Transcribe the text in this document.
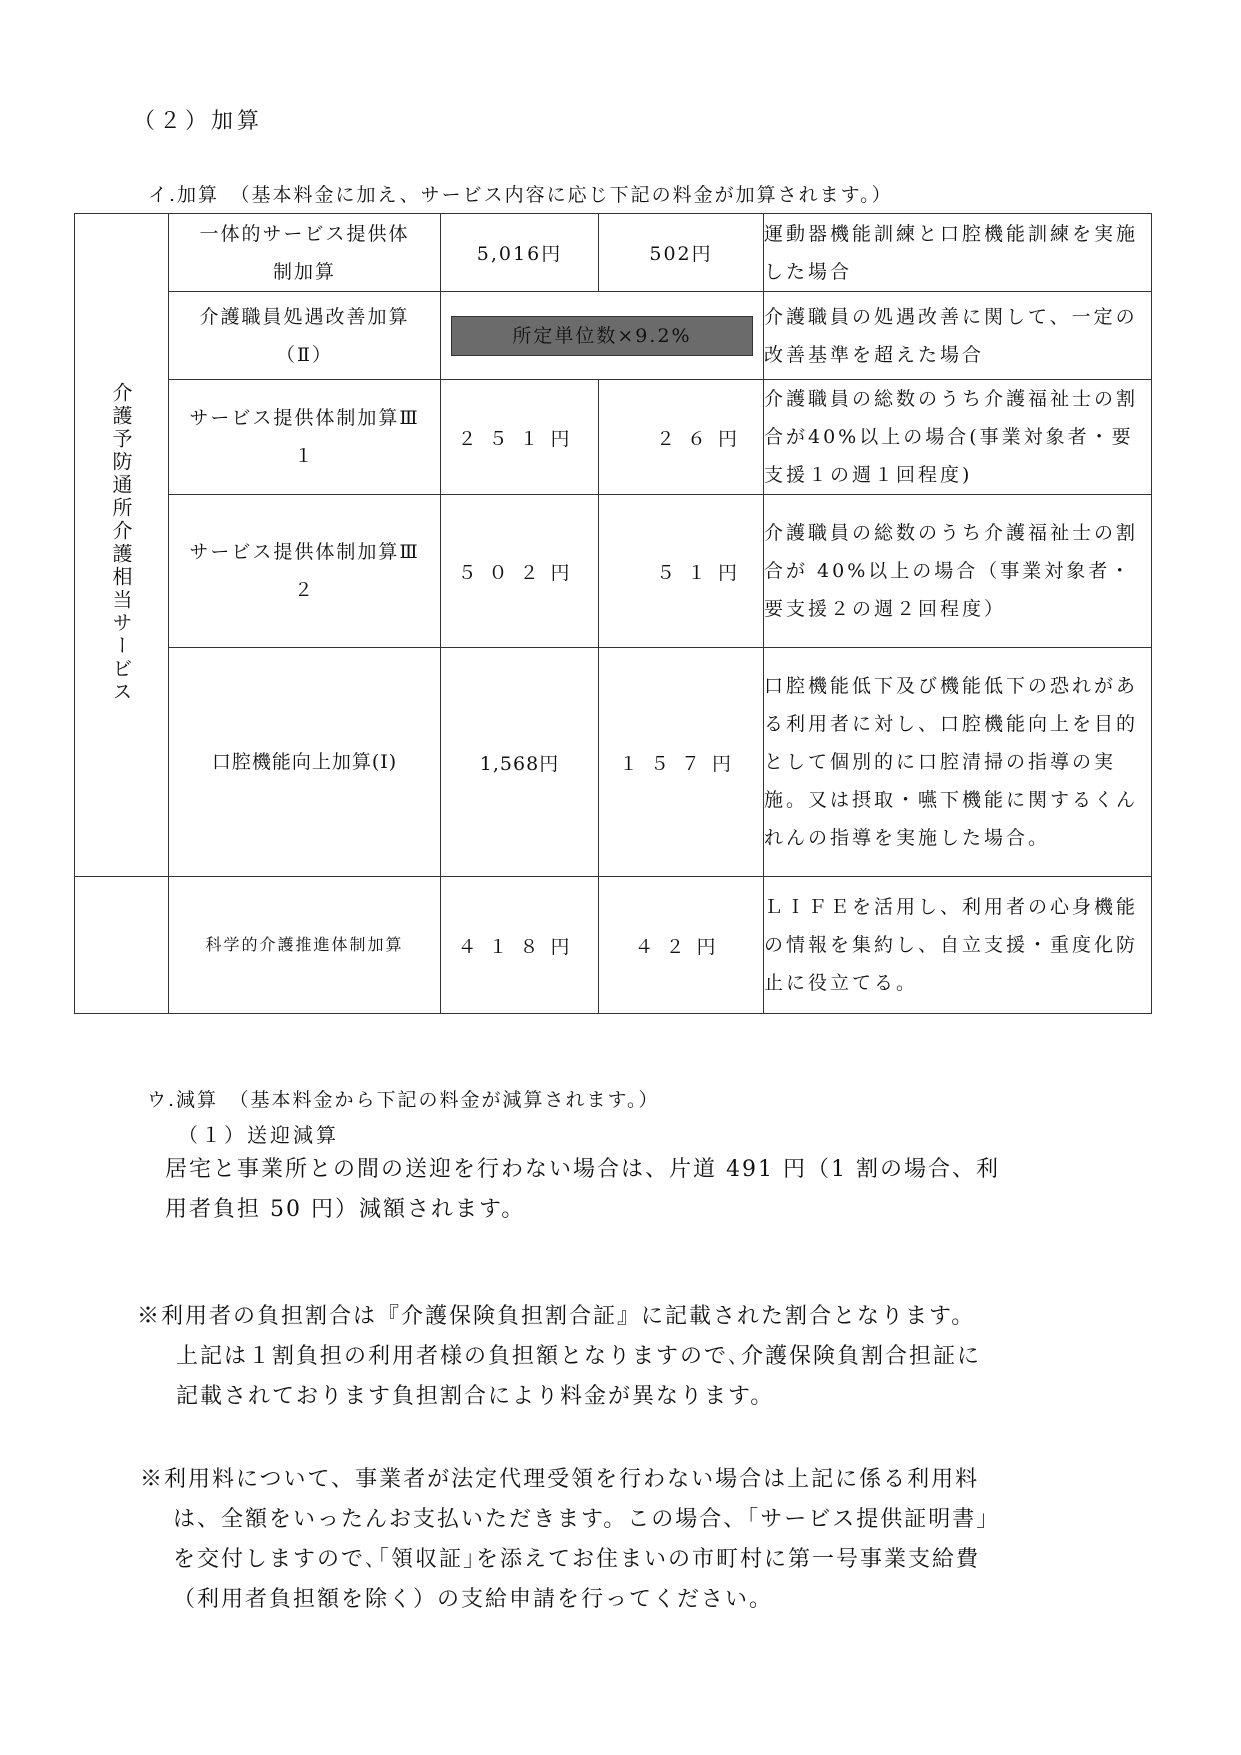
（２）加算
イ.加算　（基本料金に加え、サービス内容に応じ下記の料金が加算されます。）
介護予防通所介護相当サービス	一体的サービス提供体制加算	5,016円	502円	運動器機能訓練と口腔機能訓練を実施した場合
	介護職員処遇改善加算（Ⅱ）	所定単位数×9.2%		介護職員の処遇改善に関して、一定の改善基準を超えた場合
	サービス提供体制加算Ⅲ１	２５１円	２６円	介護職員の総数のうち介護福祉士の割合が40%以上の場合(事業対象者・要支援１の週１回程度)
	サービス提供体制加算Ⅲ２	５０２円	５１円	介護職員の総数のうち介護福祉士の割合が 40%以上の場合（事業対象者・要支援２の週２回程度）
	口腔機能向上加算(Ⅰ)	1,568円	１５７円	口腔機能低下及び機能低下の恐れがある利用者に対し、口腔機能向上を目的として個別的に口腔清掃の指導の実施。又は摂取・嚥下機能に関するくんれんの指導を実施した場合。
	科学的介護推進体制加算	４１８円	４２円	ＬＩＦＥを活用し、利用者の心身機能の情報を集約し、自立支援・重度化防止に役立てる。
ウ.減算　（基本料金から下記の料金が減算されます。）
（１）送迎減算
居宅と事業所との間の送迎を行わない場合は、片道 491 円（1 割の場合、利
用者負担 50 円）減額されます。
※利用者の負担割合は『介護保険負担割合証』に記載された割合となります。
上記は１割負担の利用者様の負担額となりますので､介護保険負割合担証に
記載されております負担割合により料金が異なります。
※利用料について、事業者が法定代理受領を行わない場合は上記に係る利用料
は、全額をいったんお支払いただきます。この場合、｢サービス提供証明書｣
を交付しますので､｢領収証｣を添えてお住まいの市町村に第一号事業支給費
（利用者負担額を除く）の支給申請を行ってください。
